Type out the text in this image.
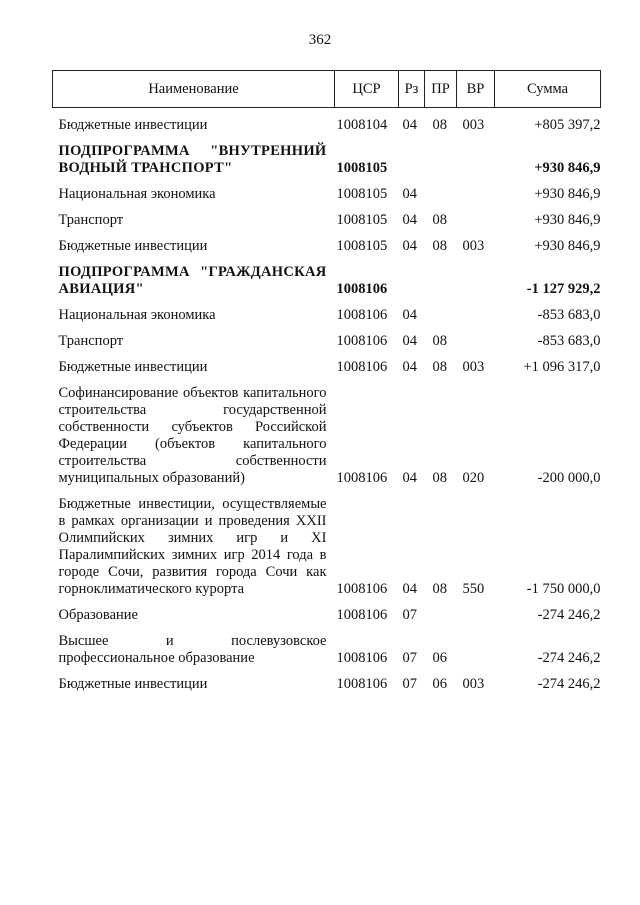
362
Наименование	ЦСР	Рз	ПР	ВР	Сумма
Бюджетные инвестиции	1008104	04	08	003	+805 397,2
ПОДПРОГРАММА "ВНУТРЕННИЙ ВОДНЫЙ ТРАНСПОРТ"	1008105				+930 846,9
Национальная экономика	1008105	04			+930 846,9
Транспорт	1008105	04	08		+930 846,9
Бюджетные инвестиции	1008105	04	08	003	+930 846,9
ПОДПРОГРАММА "ГРАЖДАНСКАЯ АВИАЦИЯ"	1008106				-1 127 929,2
Национальная экономика	1008106	04			-853 683,0
Транспорт	1008106	04	08		-853 683,0
Бюджетные инвестиции	1008106	04	08	003	+1 096 317,0
Софинансирование объектов капитального строительства государственной собственности субъектов Российской Федерации (объектов капитального строительства собственности муниципальных образований)	1008106	04	08	020	-200 000,0
Бюджетные инвестиции, осуществляемые в рамках организации и проведения XXII Олимпийских зимних игр и XI Паралимпийских зимних игр 2014 года в городе Сочи, развития города Сочи как горноклиматического курорта	1008106	04	08	550	-1 750 000,0
Образование	1008106	07			-274 246,2
Высшее и послевузовское профессиональное образование	1008106	07	06		-274 246,2
Бюджетные инвестиции	1008106	07	06	003	-274 246,2
